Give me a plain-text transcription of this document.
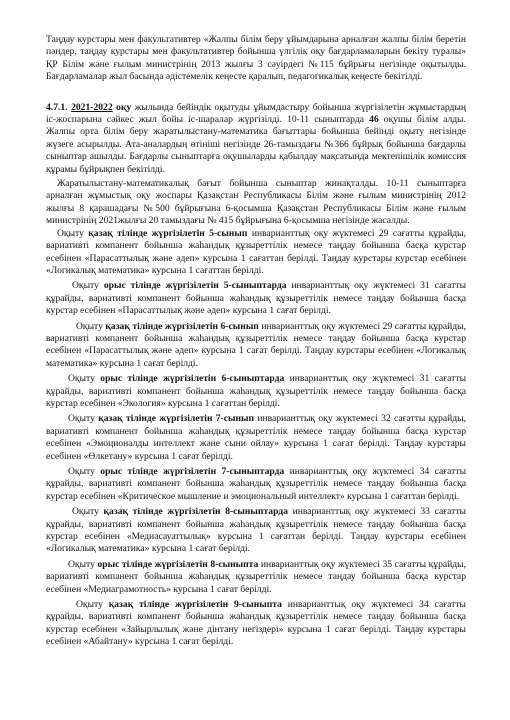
Таңдау курстары мен факультативтер «Жалпы білім беру ұйымдарына арналған жалпы білім беретін пәндер, таңдау курстары мен факультативтер бойынша үлгілік оқу бағдарламаларын бекіту туралы» ҚР Білім және ғылым министрінің 2013 жылғы 3 сәуірдегі №115 бұйрығы негізінде оқытылды. Бағдарламалар жыл басында әдістемелік кеңесте қаралып, педагогикалық кеңесте бекітілді.

4.7.1. 2021-2022 оқу жылында бейіндік оқытуды ұйымдастыру бойынша жүргізілетін жұмыстардың іс-жоспарына сәйкес жыл бойы іс-шаралар жүргізілді. 10-11 сыныптарда 46 оқушы білім алды. Жалпы орта білім беру жаратылыстану-математика бағыттары бойынша бейінді оқыту негізінде жүзеге асырылды. Ата-аналардың өтініші негізінде 26-тамыздағы №366 бұйрық бойынша бағдарлы сыныптар ашылды. Бағдарлы сыныптарға оқушыларды қабылдау мақсатында мектепішілік комиссия құрамы бұйрықпен бекітілді.

Жаратылыстану-математикалық бағыт бойынша сыныптар жинақталды. 10-11 сыныптарға арналған жұмыстық оқу жоспары Қазақстан Республикасы Білім және ғылым министрінің 2012 жылғы 8 қарашадағы №500 бұйрығына 6-қосымша Қазақстан Республикасы Білім және ғылым министрінің 2021жылғы 20 тамыздағы № 415 бұйрығына 6-қосымша негізінде жасалды.

Оқыту қазақ тілінде жүргізілетін 5-сынып инварианттық оқу жүктемесі 29 сағатты құрайды, вариативті компанент бойынша жаһандық құзыреттілік немесе таңдау бойынша басқа курстар есебінен «Парасаттылық және әдеп» курсына 1 сағаттан берілді. Таңдау курстары курстар есебінен «Логикалық математика» курсына 1 сағаттан берілді.

Оқыту орыс тілінде жүргізілетін 5-сыныптарда инварианттық оқу жүктемесі 31 сағатты құрайды, вариативті компанент бойынша жаһандық құзыреттілік немесе таңдау бойынша басқа курстар есебінен «Парасаттылық және әдеп» курсына 1 сағат берілді.

Оқыту қазақ тілінде жүргізілетін 6-сынып инварианттық оқу жүктемесі 29 сағатты құрайды, вариативті компанент бойынша жаһандық құзыреттілік немесе таңдау бойынша басқа курстар есебінен «Парасаттылық және әдеп» курсына 1 сағат берілді. Таңдау курстары есебінен «Логикалық математика» курсына 1 сағат берілді.

Оқыту орыс тілінде жүргізілетін 6-сыныптарда инварианттық оқу жүктемесі 31 сағатты құрайды, вариативті компанент бойынша жаһандық құзыреттілік немесе таңдау бойынша басқа курстар есебінен «Экология» курсына 1 сағаттан берілді.

Оқыту қазақ тілінде жүргізілетін 7-сынып инварианттық оқу жүктемесі 32 сағатты құрайды, вариативті компанент бойынша жаһандық құзыреттілік немесе таңдау бойынша басқа курстар есебінен «Эмоционалды интеллект және сыни ойлау» курсына 1 сағат берілді. Таңдау курстары есебінен «Өлкетану» курсына 1 сағат берілді.

Оқыту орыс тілінде жүргізілетін 7-сыныптарда инварианттық оқу жүктемесі 34 сағатты құрайды, вариативті компанент бойынша жаһандық құзыреттілік немесе таңдау бойынша басқа курстар есебінен «Критическое мышление и эмоциональный интеллект» курсына 1 сағаттан берілді.

Оқыту қазақ тілінде жүргізілетін 8-сыныптарда инварианттық оқу жүктемесі 33 сағатты құрайды, вариативті компанент бойынша жаһандық құзыреттілік немесе таңдау бойынша басқа курстар есебінен «Медиасауаттылық» курсына 1 сағаттан берілді. Таңдау курстары есебінен «Логикалық математика» курсына 1 сағат берілді.

Оқыту орыс тілінде жүргізілетін 8-сыныпта инварианттық оқу жүктемесі 35 сағатты құрайды, вариативті компанент бойынша жаһандық құзыреттілік немесе таңдау бойынша басқа курстар есебінен «Медиаграмотность» курсына 1 сағат берілді.

Оқыту қазақ тілінде жүргізілетін 9-сыныпта инварианттық оқу жүктемесі 34 сағатты құрайды, вариативті компанент бойынша жаһандық құзыреттілік немесе таңдау бойынша басқа курстар есебінен «Зайырлылық және дінтану негіздері» курсына 1 сағат берілді. Таңдау курстары есебінен «Абайтану» курсына 1 сағат берілді.
